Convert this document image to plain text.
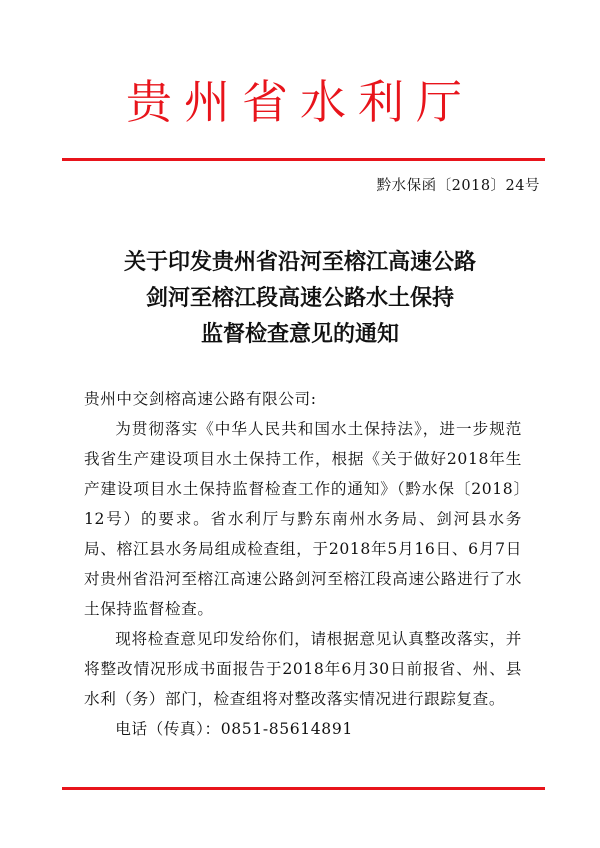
贵州省水利厅
黔水保函〔2018〕24号
关于印发贵州省沿河至榕江高速公路
剑河至榕江段高速公路水土保持
监督检查意见的通知

贵州中交剑榕高速公路有限公司:

为贯彻落实《中华人民共和国水土保持法》，进一步规范我省生产建设项目水土保持工作，根据《关于做好2018年生产建设项目水土保持监督检查工作的通知》（黔水保〔2018〕12号）的要求。省水利厅与黔东南州水务局、剑河县水务局、榕江县水务局组成检查组，于2018年5月16日、6月7日对贵州省沿河至榕江高速公路剑河至榕江段高速公路进行了水土保持监督检查。

现将检查意见印发给你们，请根据意见认真整改落实，并将整改情况形成书面报告于2018年6月30日前报省、州、县水利（务）部门，检查组将对整改落实情况进行跟踪复查。

电话（传真）：0851-85614891
